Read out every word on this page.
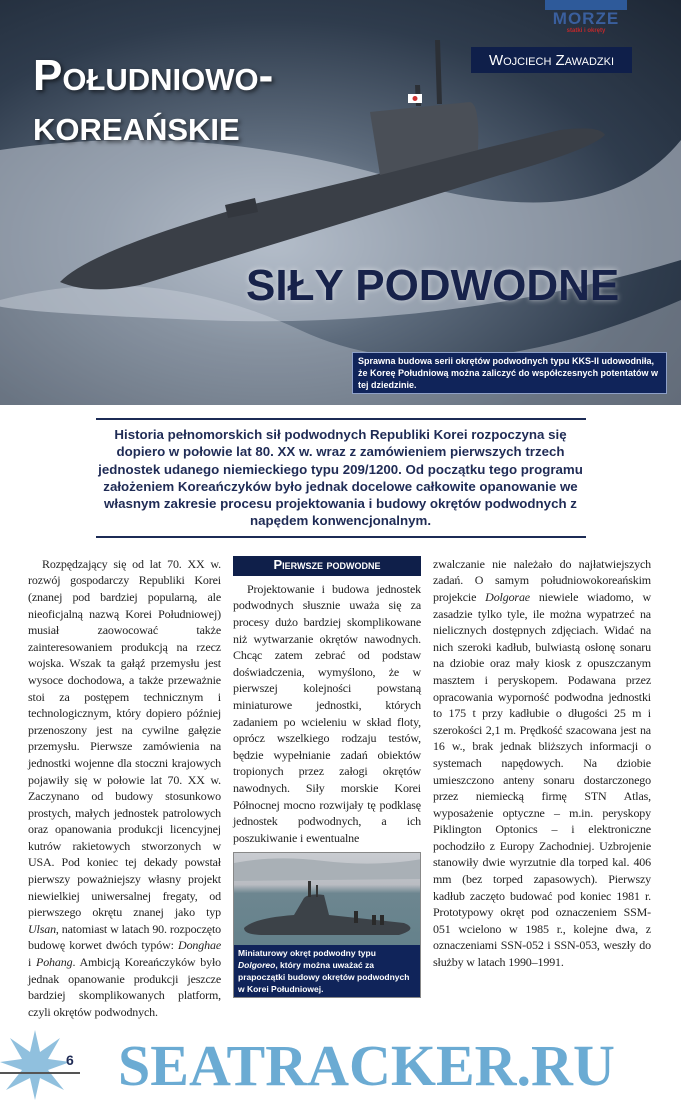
Południowo-
koreańskie
SIŁY PODWODNE
MORZE
statki i okręty
Wojciech Zawadzki
Sprawna budowa serii okrętów podwodnych typu KKS-II udowodniła, że Koreę Południową można zaliczyć do współczesnych potentatów w tej dziedzinie.
Historia pełnomorskich sił podwodnych Republiki Korei rozpoczyna się dopiero w połowie lat 80. XX w. wraz z zamówieniem pierwszych trzech jednostek udanego niemieckiego typu 209/1200. Od początku tego programu założeniem Koreańczyków było jednak docelowe całkowite opanowanie we własnym zakresie procesu projektowania i budowy okrętów podwodnych z napędem konwencjonalnym.

Rozpędzający się od lat 70. XX w. rozwój gospodarczy Republiki Korei (znanej pod bardziej popularną, ale nieoficjalną nazwą Korei Południowej) musiał zaowocować także zainteresowaniem produkcją na rzecz wojska. Wszak ta gałąź przemysłu jest wysoce dochodowa, a także przeważnie stoi za postępem technicznym i technologicznym, który dopiero później przenoszony jest na cywilne gałęzie przemysłu. Pierwsze zamówienia na jednostki wojenne dla stoczni krajowych pojawiły się w połowie lat 70. XX w. Zaczynano od budowy stosunkowo prostych, małych jednostek patrolowych oraz opanowania produkcji licencyjnej kutrów rakietowych stworzonych w USA. Pod koniec tej dekady powstał pierwszy poważniejszy własny projekt niewielkiej uniwersalnej fregaty, od pierwszego okrętu znanej jako typ Ulsan, natomiast w latach 90. rozpoczęto budowę korwet dwóch typów: Donghae i Pohang. Ambicją Koreańczyków było jednak opanowanie produkcji jeszcze bardziej skomplikowanych platform, czyli okrętów podwodnych.

Pierwsze podwodne

Projektowanie i budowa jednostek podwodnych słusznie uważa się za procesy dużo bardziej skomplikowane niż wytwarzanie okrętów nawodnych. Chcąc zatem zebrać od podstaw doświadczenia, wymyślono, że w pierwszej kolejności powstaną miniaturowe jednostki, których zadaniem po wcieleniu w skład floty, oprócz wszelkiego rodzaju testów, będzie wypełnianie zadań obiektów tropionych przez załogi okrętów nawodnych. Siły morskie Korei Północnej mocno rozwijały tę podklasę jednostek podwodnych, a ich poszukiwanie i ewentualne

Miniaturowy okręt podwodny typu Dolgoreo, który można uważać za prapoczątki budowy okrętów podwodnych w Korei Południowej.

zwalczanie nie należało do najłatwiejszych zadań. O samym południowokoreańskim projekcie Dolgorae niewiele wiadomo, w zasadzie tylko tyle, ile można wypatrzeć na nielicznych dostępnych zdjęciach. Widać na nich szeroki kadłub, bulwiastą osłonę sonaru na dziobie oraz mały kiosk z opuszczanym masztem i peryskopem. Podawana przez opracowania wyporność podwodna jednostki to 175 t przy kadłubie o długości 25 m i szerokości 2,1 m. Prędkość szacowana jest na 16 w., brak jednak bliższych informacji o systemach napędowych. Na dziobie umieszczono anteny sonaru dostarczonego przez niemiecką firmę STN Atlas, wyposażenie optyczne – m.in. peryskopy Piklington Optonics – i elektroniczne pochodziło z Europy Zachodniej. Uzbrojenie stanowiły dwie wyrzutnie dla torped kal. 406 mm (bez torped zapasowych). Pierwszy kadłub zaczęto budować pod koniec 1981 r. Prototypowy okręt pod oznaczeniem SSM-051 wcielono w 1985 r., kolejne dwa, z oznaczeniami SSN-052 i SSN-053, weszły do służby w latach 1990–1991.

6 SEATRACKER.RU
